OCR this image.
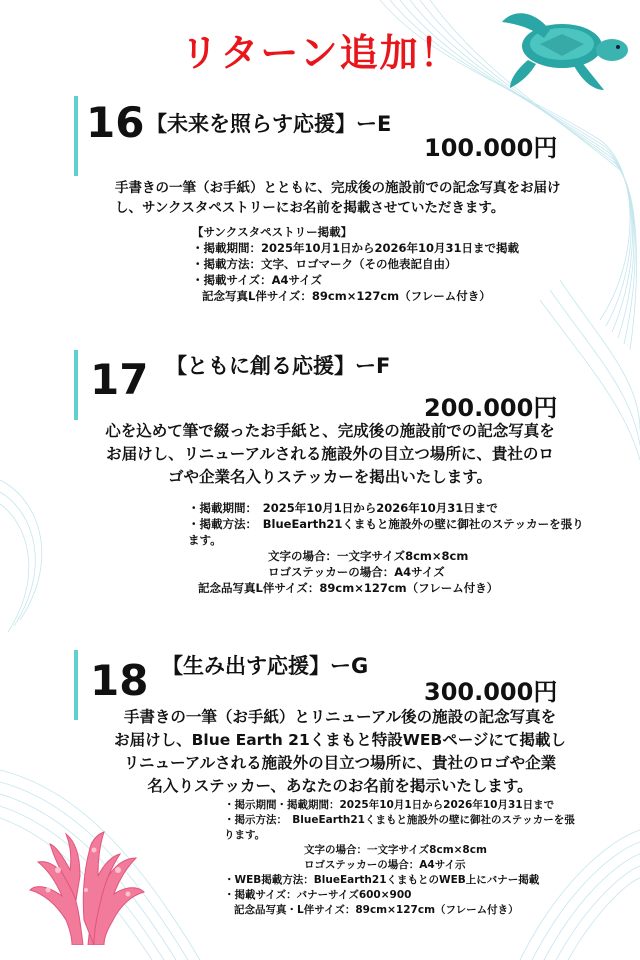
リターン追加！
16 【未来を照らす応援】ーE
100.000円
手書きの一筆（お手紙）とともに、完成後の施設前での記念写真をお届け
し、サンクスタペストリーにお名前を掲載させていただきます。
【サンクスタペストリー掲載】
・掲載期間：2025年10月1日から2026年10月31日まで掲載
・掲載方法：文字、ロゴマーク（その他表記自由）
・掲載サイズ：A4サイズ
記念写真L伴サイズ：89cm×127cm（フレーム付き）
17 【ともに創る応援】ーF
200.000円
心を込めて筆で綴ったお手紙と、完成後の施設前での記念写真を
お届けし、リニューアルされる施設外の目立つ場所に、貴社のロ
ゴや企業名入りステッカーを掲出いたします。
・掲載期間：　2025年10月1日から2026年10月31日まで
・掲載方法：　BlueEarth21くまもと施設外の壁に御社のステッカーを張り
ます。
文字の場合：一文字サイズ8cm×8cm
ロゴステッカーの場合：A4サイズ
記念品写真L伴サイズ：89cm×127cm（フレーム付き）
18 【生み出す応援】ーG
300.000円
手書きの一筆（お手紙）とリニューアル後の施設の記念写真を
お届けし、Blue Earth 21くまもと特設WEBページにて掲載し
リニューアルされる施設外の目立つ場所に、貴社のロゴや企業
名入りステッカー、あなたのお名前を掲示いたします。
・掲示期間・掲載期間：2025年10月1日から2026年10月31日まで
・掲示方法：　BlueEarth21くまもと施設外の壁に御社のステッカーを張
ります。
文字の場合：一文字サイズ8cm×8cm
ロゴステッカーの場合：A4サイ示
・WEB掲載方法：BlueEarth21くまもとのWEB上にバナー掲載
・掲載サイズ：バナーサイズ600×900
記念品写真・L伴サイズ：89cm×127cm（フレーム付き）
